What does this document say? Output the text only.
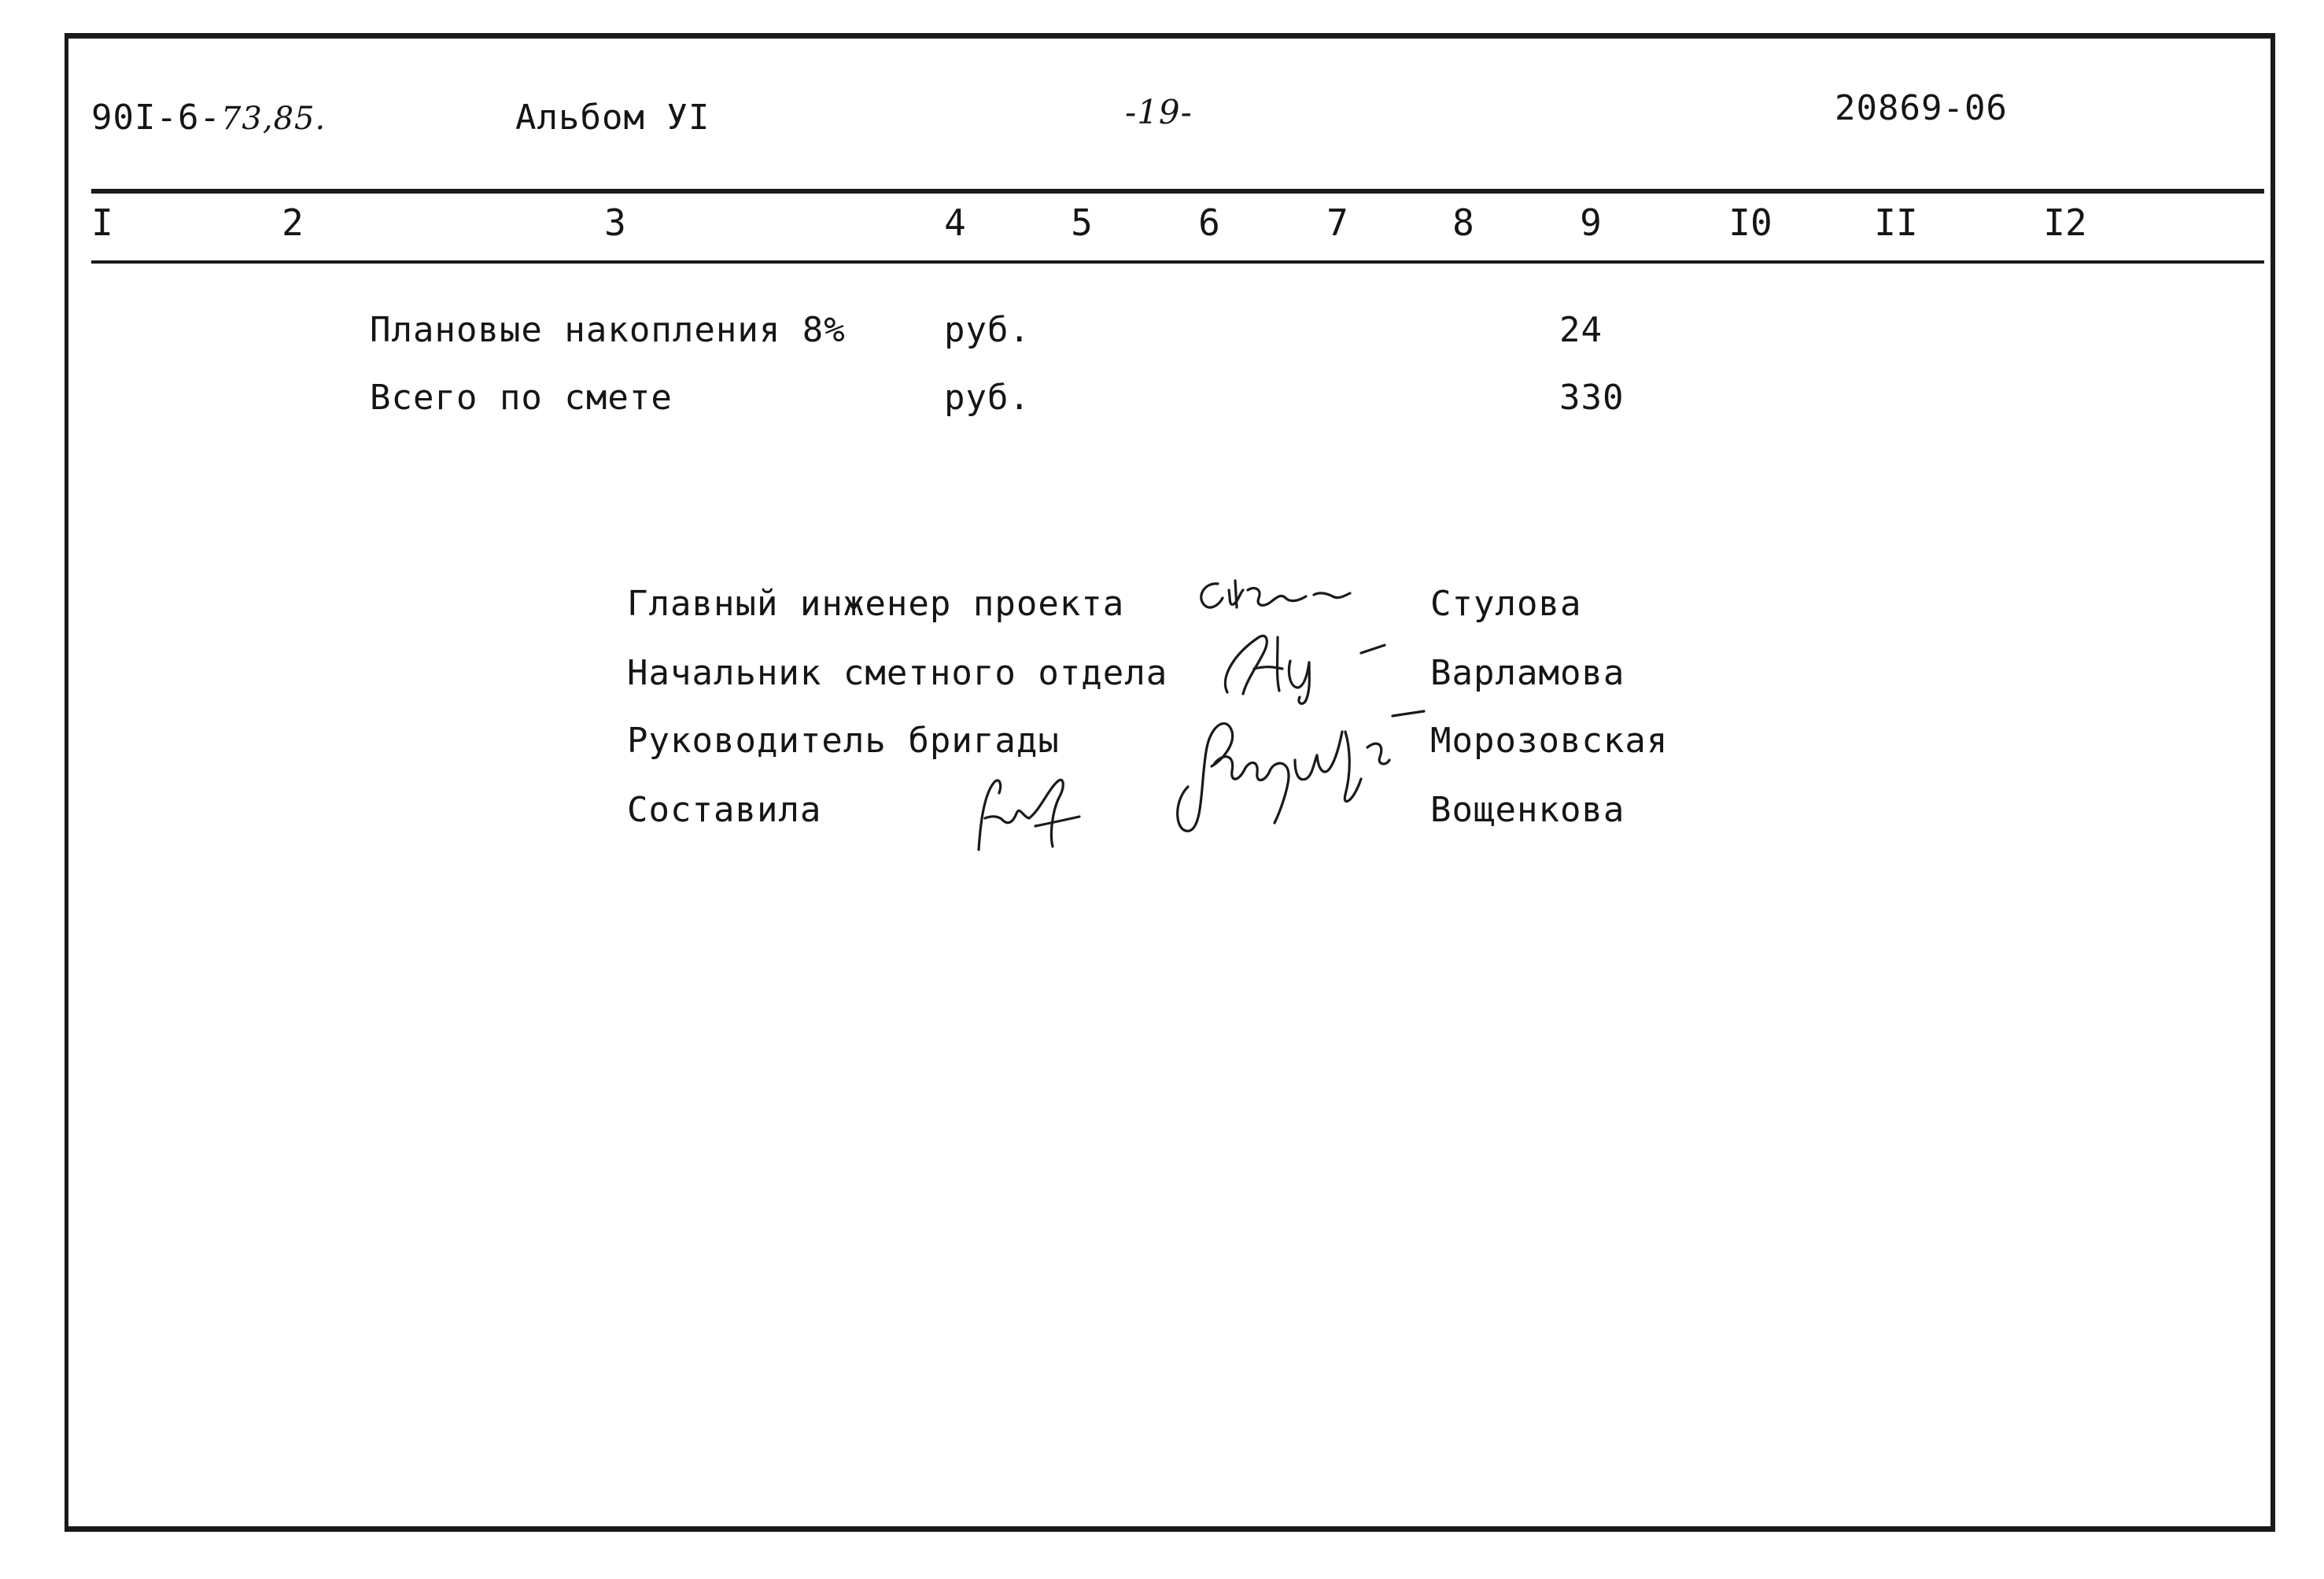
90I-6-73,85.	Альбом УІ	-19-	20869-06
I	2	3	4	5	6	7	8	9	I0	II	I2
Плановые накопления 8%	руб.	24
Всего по смете	руб.	330
Главный инженер проекта	Стулова
Начальник сметного отдела	Варламова
Руководитель бригады	Морозовская
Составила	Вощенкова
